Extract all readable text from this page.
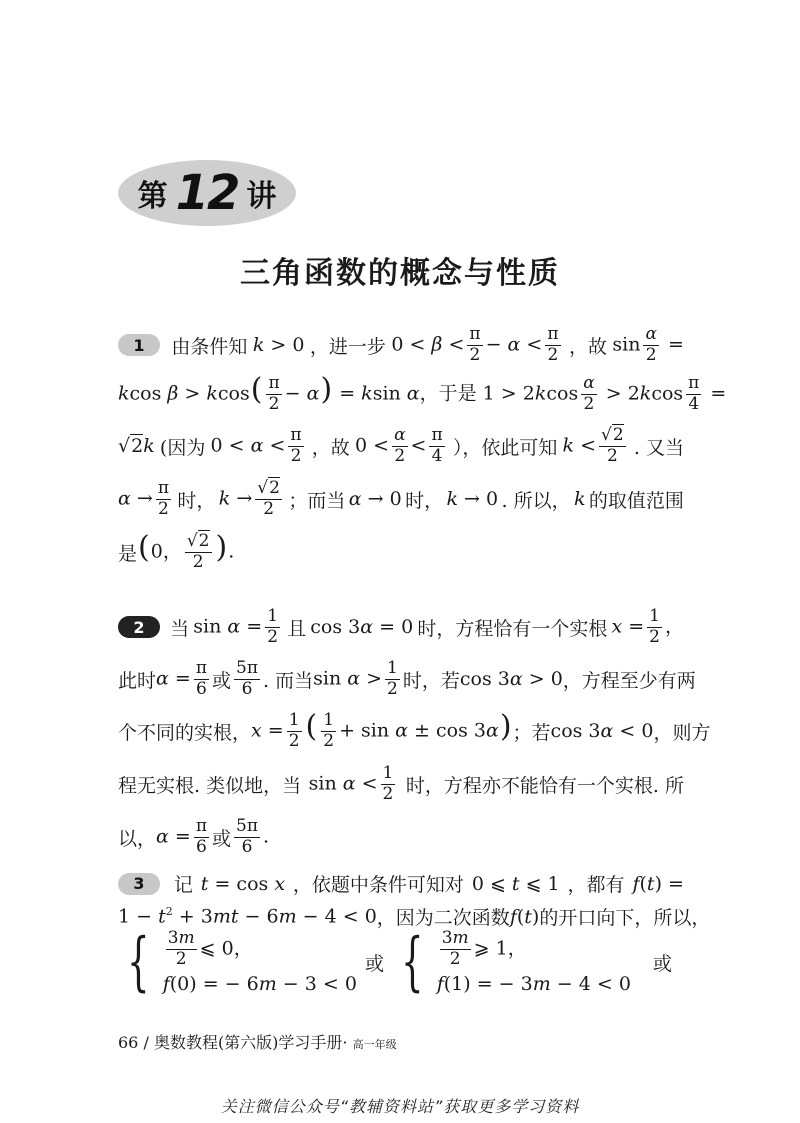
第 12 讲
三角函数的概念与性质
1	由条件知 k > 0 ，进一步 $0 < \beta < \frac{\pi}{2} - \alpha < \frac{\pi}{2}$ ，故 $\sin \frac{\alpha}{2}$ =
kcos $\beta > kcos( \frac{\pi}{2} - \alpha) = ksin$ α，于是 $1 > 2kcos \frac{\alpha}{2} > 2kcos \frac{\pi}{4}$ =
√2k (因为 $0 < \alpha < \frac{\pi}{2}$ ，故 $0 < \frac{\alpha}{2} < \frac{\pi}{4}$ ），依此可知 $k < \frac{√2}{2}$ . 又当
$\alpha \to \frac{\pi}{2}$ 时， $k \to \frac{√2}{2}$ ；而当 α → 0 时， k → 0 . 所以， k 的取值范围
是 (0， $\frac{√2}{2}$ ).
2	当 $\sin \alpha = \frac{1}{2}$ 且 cos 3α = 0 时，方程恰有一个实根 $x = \frac{1}{2}$ ，
此时 $\alpha = \frac{\pi}{6}$ 或 $\frac{5\pi}{6}$ . 而当 $\sin \alpha > \frac{1}{2}$ 时，若 cos 3α > 0 ，方程至少有两
个不同的实根， $x = \frac{1}{2}$ ( $\frac{1}{2} + \sin \alpha \pm \cos 3\alpha$) ；若 cos 3α < 0 ，则方
程无实根. 类似地，当 $\sin \alpha < \frac{1}{2}$ 时，方程亦不能恰有一个实根. 所
以， $\alpha = \frac{\pi}{6}$ 或 $\frac{5\pi}{6}$ .
3	记 t = cos x ，依题中条件可知对 0 ⩽ t ⩽ 1 ，都有 f(t) =
$1 - t^2 + 3mt - 6m - 4 < 0$ ，因为二次函数 f(t) 的开口向下，所以，
{ $\frac{3m}{2}$ ⩽ 0，
f(0) = − 6m − 3 < 0
或 { $\frac{3m}{2}$ ⩾ 1，
f(1) = − 3m − 4 < 0
或
66 / 奥数教程(第六版)学习手册· 高一年级
关注微信公众号“教辅资料站”获取更多学习资料
